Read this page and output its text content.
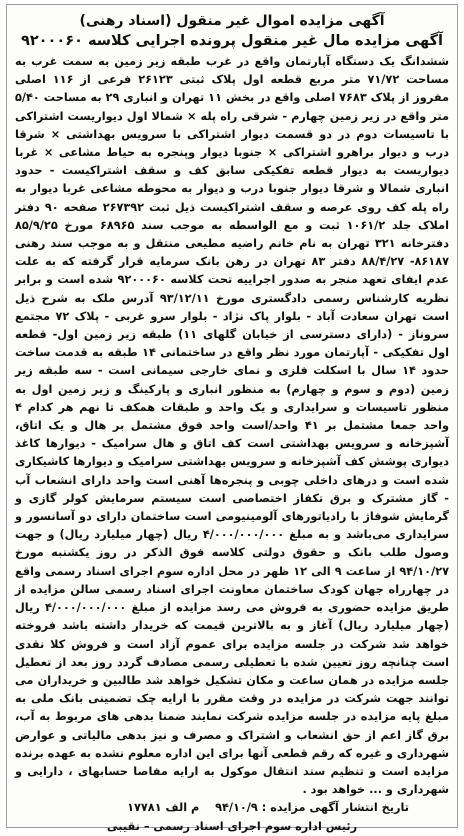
آگهی مزایده اموال غیر منقول (اسناد رهنی)

آگهی مزایده مال غیر منقول پرونده اجرایی کلاسه ۹۲۰۰۰۶۰

ششدانگ یک دستگاه آپارتمان واقع در غرب طبقه زیر زمین به سمت غرب به مساحت ۷۱/۷۲ متر مربع قطعه اول پلاک ثبتی ۲۶۱۲۳ فرعی از ۱۱۶ اصلی مفروز از پلاک ۷۶۸۳ اصلی واقع در بخش ۱۱ تهران و انباری ۲۹ به مساحت ۵/۴۰ متر واقع در زیر زمین چهارم - شرقی راه پله × شمالا اول دیواریست اشتراکی با تاسیسات دوم در دو قسمت دیوار اشتراکی با سرویس بهداشتی × شرقا درب و دیوار براهرو اشتراکی × جنوبا دیوار وپنجره به حیاط مشاعی × غربا دیواریست به دیوار قطعه تفکیکی سابق کف و سقف اشتراکیست - حدود انباری شمالا و شرقا دیوار جنوبا درب و دیوار به محوطه مشاعی غربا دیوار به راه پله کف روی عرصه و سقف اشتراکیست ذیل ثبت ۲۶۷۳۹۲ صفحه ۹۰ دفتر املاک جلد ۱۰۶۱/۲ ثبت و مع الواسطه به موجب سند ۶۸۹۶۵ مورخ ۸۵/۹/۲۵ دفترخانه ۳۲۱ تهران به نام خانم راضیه مطیعی منتقل و به موجب سند رهنی ۸۶۱۸۷- ۸۸/۴/۲۷ دفتر ۸۳ تهران در رهن بانک سرمایه قرار گرفته که به علت عدم ایفای تعهد منجر به صدور اجراییه تحت کلاسه ۹۲۰۰۰۶۰ شده است و برابر نظریه کارشناس رسمی دادگستری مورخ ۹۳/۱۲/۱۱ آدرس ملک به شرح ذیل است تهران سعادت آباد - بلوار پاک نژاد - بلوار سرو غربی - پلاک ۷۲ مجتمع سروناز - (دارای دسترسی از خیابان گلهای ۱۱) طبقه زیر زمین اول- قطعه اول تفکیکی - آپارتمان مورد نظر واقع در ساختمانی ۱۴ طبقه به قدمت ساخت حدود ۱۴ سال با اسکلت فلزی و نمای خارجی سیمانی است - سه طبقه زیر زمین (دوم و سوم و چهارم) به منظور انباری و پارکینگ و زیر زمین اول به منظور تاسیسات و سرایداری و یک واحد و طبقات همکف تا نهم هر کدام ۴ واحد جمعا مشتمل بر ۴۱ واحد/است واحد فوق مشتمل بر هال و یک اتاق، آشپزخانه و سرویس بهداشتی است کف اتاق و هال سرامیک - دیوارها کاغذ دیواری پوشش کف آشپزخانه و سرویس بهداشتی سرامیک و دیوارها کاشیکاری شده است و درهای داخلی چوبی و پنجره‌ها آهنی است واحد دارای انشعاب آب - گاز مشترک و برق تکفاز اختصاصی است سیستم سرمایش کولر گازی و گرمایش شوفاژ با رادیاتورهای آلومینیومی است ساختمان دارای دو آسانسور و سرایداری می‌باشد و به مبلغ ۴/۰۰۰/۰۰۰/۰۰۰ ریال (چهار میلیارد ریال) و جهت وصول طلب بانک و حقوق دولتی کلاسه فوق الذکر در روز یکشنبه مورخ ۹۴/۱۰/۲۷ از ساعت ۹ الی ۱۲ ظهر در محل اداره سوم اجرای اسناد رسمی واقع در چهارراه جهان کودک ساختمان معاونت اجرای اسناد رسمی سالن مزایده از طریق مزایده حضوری به فروش می رسد مزایده از مبلغ ۴/۰۰۰/۰۰۰/۰۰۰ ریال (چهار میلیارد ریال) آغاز و به بالاترین قیمت که خریدار داشته باشد فروخته خواهد شد شرکت در جلسه مزایده برای عموم آزاد است و فروش کلا نقدی است چنانچه روز تعیین شده با تعطیلی رسمی مصادف گردد روز بعد از تعطیل جلسه مزایده در همان ساعت و مکان تشکیل خواهد شد طالبین و خریداران می توانند جهت شرکت در مزایده در وقت مقرر با ارایه چک تضمینی بانک ملی به مبلغ پایه مزایده در جلسه مزایده شرکت نمایند ضمنا بدهی های مربوط به آب، برق گاز اعم از حق انشعاب و اشتراک و مصرف و نیز بدهی مالیاتی و عوارض شهرداری و غیره که رقم قطعی آنها برای این اداره معلوم نشده به عهده برنده مزایده است و تنظیم سند انتقال موکول به ارایه مفاصا حسابهای ، دارایی و شهرداری و ... خواهد بود .

تاریخ انتشار آگهی مزایده : ۹۴/۱۰/۹    م الف ۱۷۷۸۱

رئیس اداره سوم اجرای اسناد رسمی – نقیبی
